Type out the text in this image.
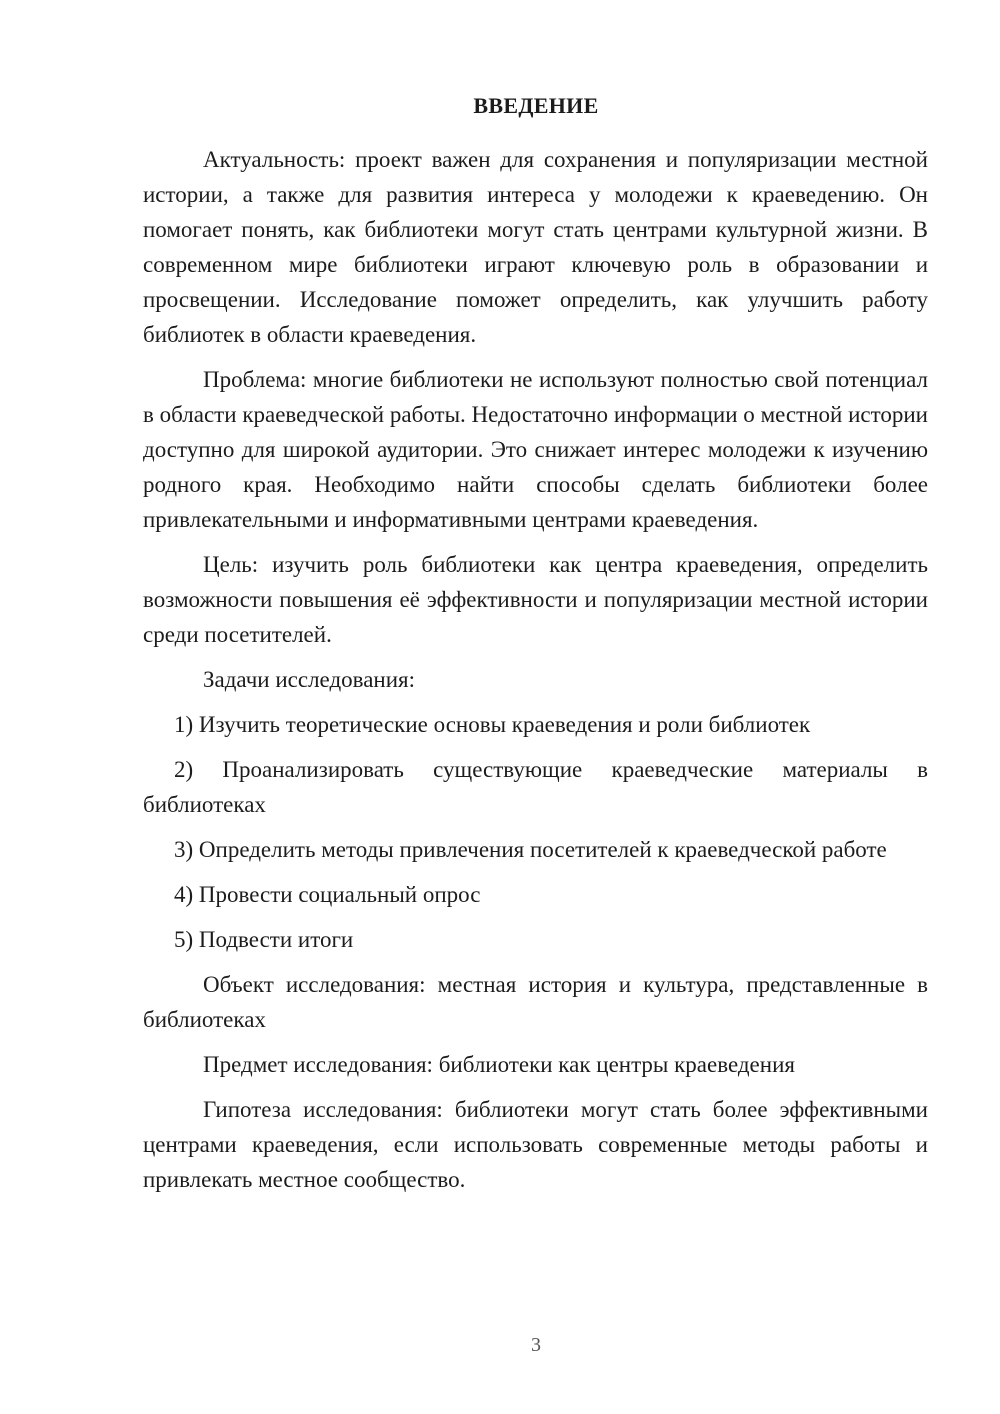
ВВЕДЕНИЕ

Актуальность: проект важен для сохранения и популяризации местной истории, а также для развития интереса у молодежи к краеведению. Он помогает понять, как библиотеки могут стать центрами культурной жизни. В современном мире библиотеки играют ключевую роль в образовании и просвещении. Исследование поможет определить, как улучшить работу библиотек в области краеведения.

Проблема: многие библиотеки не используют полностью свой потенциал в области краеведческой работы. Недостаточно информации о местной истории доступно для широкой аудитории. Это снижает интерес молодежи к изучению родного края. Необходимо найти способы сделать библиотеки более привлекательными и информативными центрами краеведения.

Цель: изучить роль библиотеки как центра краеведения, определить возможности повышения её эффективности и популяризации местной истории среди посетителей.

Задачи исследования:

1) Изучить теоретические основы краеведения и роли библиотек

2) Проанализировать существующие краеведческие материалы в библиотеках

3) Определить методы привлечения посетителей к краеведческой работе

4) Провести социальный опрос

5) Подвести итоги

Объект исследования: местная история и культура, представленные в библиотеках

Предмет исследования: библиотеки как центры краеведения

Гипотеза исследования: библиотеки могут стать более эффективными центрами краеведения, если использовать современные методы работы и привлекать местное сообщество.

3
